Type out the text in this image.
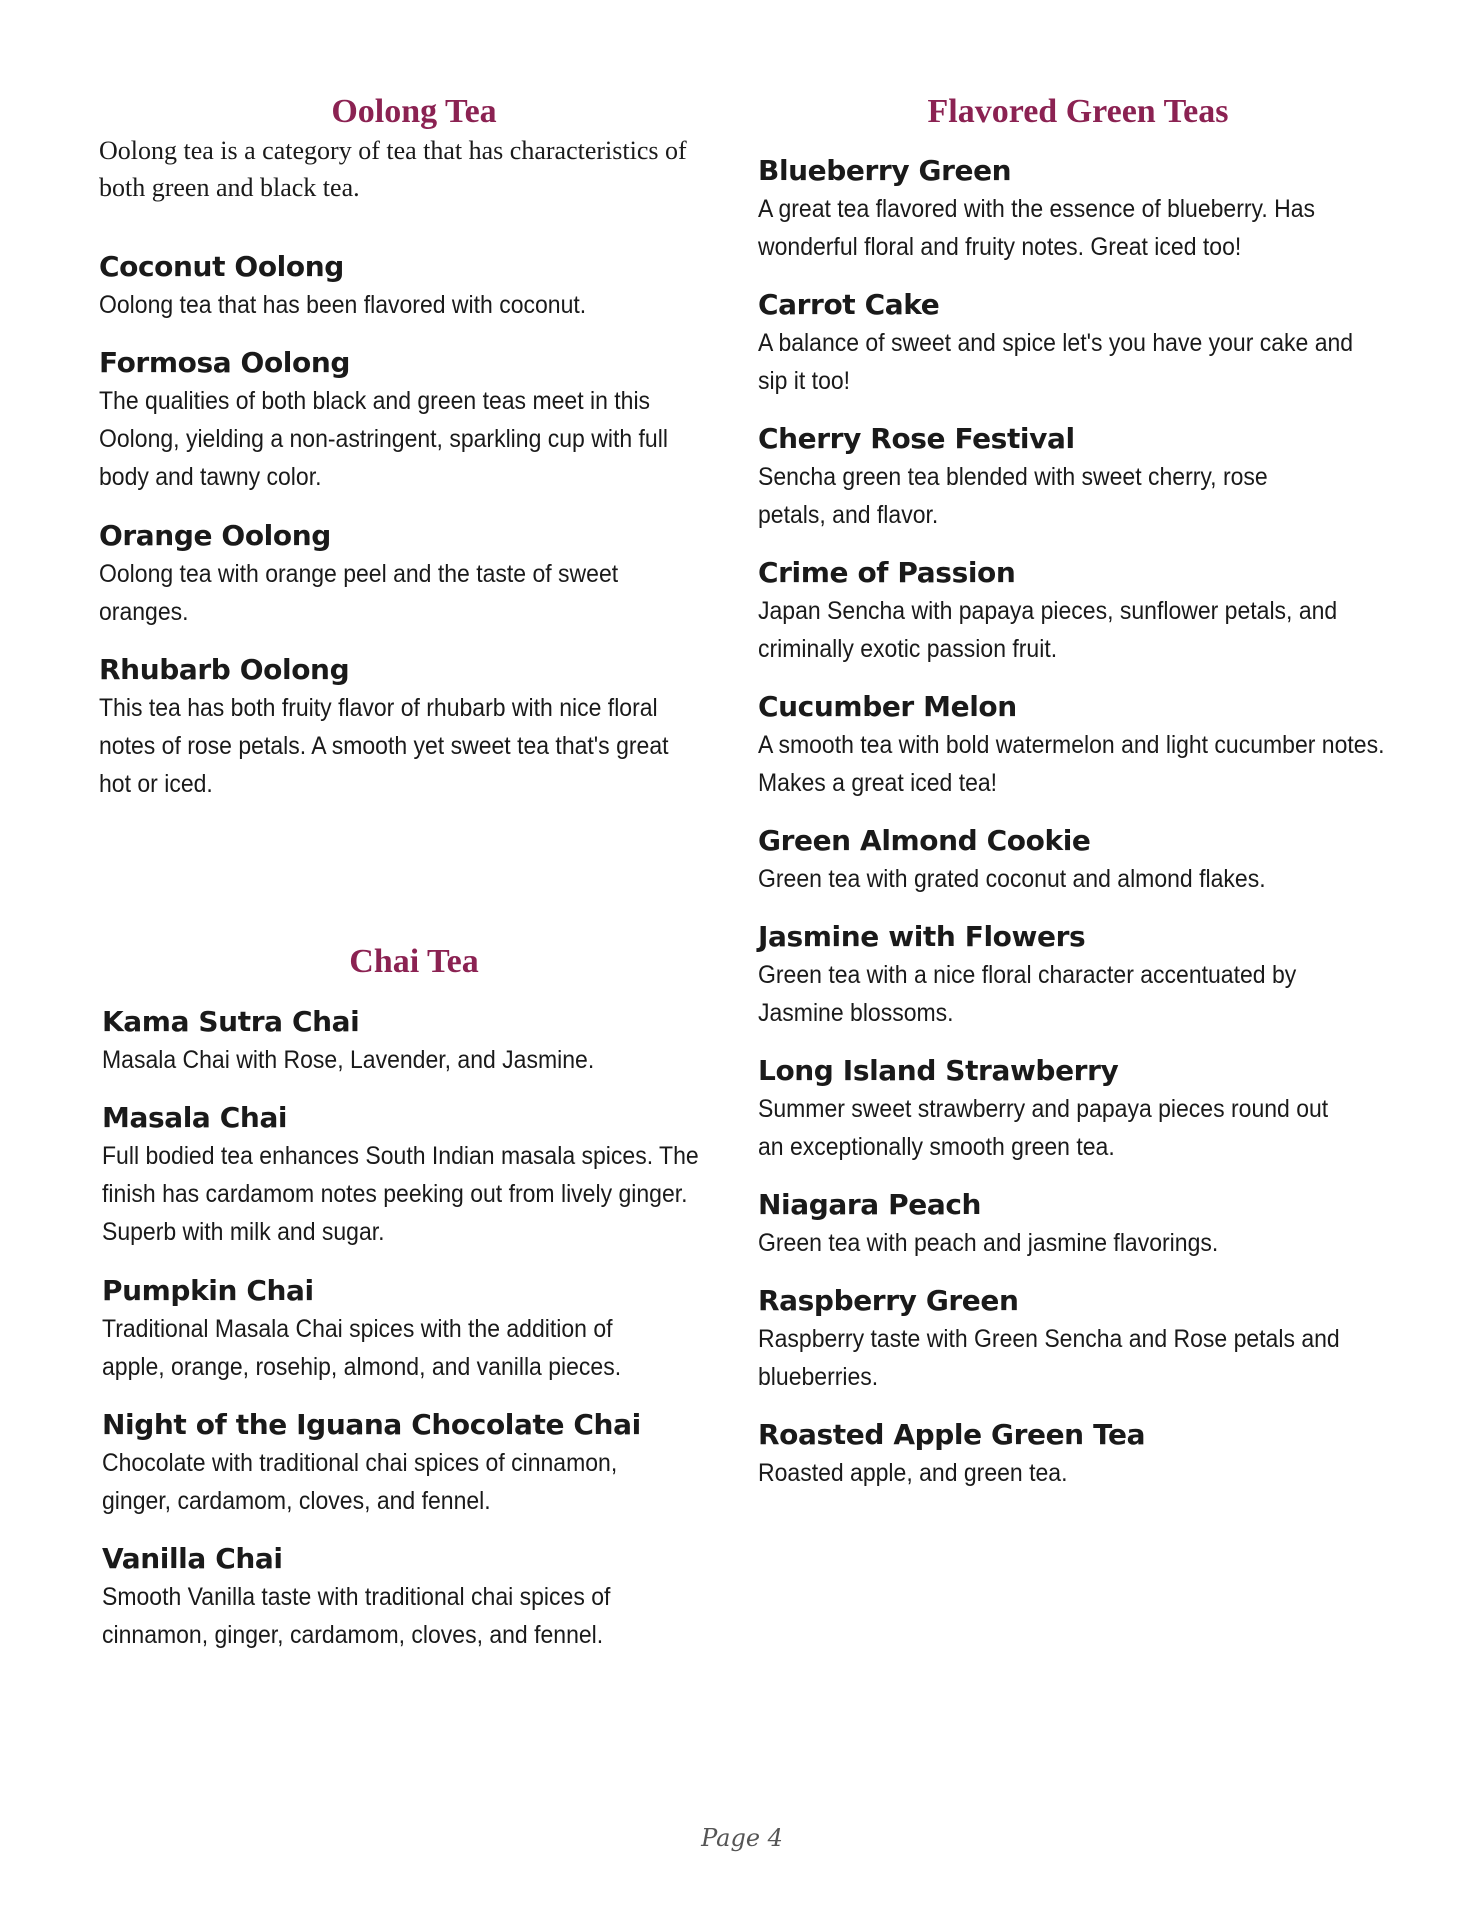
Oolong Tea

Oolong tea is a category of tea that has characteristics of both green and black tea.

Coconut Oolong

Oolong tea that has been flavored with coconut.

Formosa Oolong

The qualities of both black and green teas meet in this Oolong, yielding a non-astringent, sparkling cup with full body and tawny color.

Orange Oolong

Oolong tea with orange peel and the taste of sweet oranges.

Rhubarb Oolong

This tea has both fruity flavor of rhubarb with nice floral notes of rose petals. A smooth yet sweet tea that's great hot or iced.

Chai Tea

Kama Sutra Chai

Masala Chai with Rose, Lavender, and Jasmine.

Masala Chai

Full bodied tea enhances South Indian masala spices. The finish has cardamom notes peeking out from lively ginger. Superb with milk and sugar.

Pumpkin Chai

Traditional Masala Chai spices with the addition of apple, orange, rosehip, almond, and vanilla pieces.

Night of the Iguana Chocolate Chai

Chocolate with traditional chai spices of cinnamon, ginger, cardamom, cloves, and fennel.

Vanilla Chai

Smooth Vanilla taste with traditional chai spices of cinnamon, ginger, cardamom, cloves, and fennel.

Flavored Green Teas

Blueberry Green

A great tea flavored with the essence of blueberry. Has wonderful floral and fruity notes. Great iced too!

Carrot Cake

A balance of sweet and spice let's you have your cake and sip it too!

Cherry Rose Festival

Sencha green tea blended with sweet cherry, rose petals, and flavor.

Crime of Passion

Japan Sencha with papaya pieces, sunflower petals, and criminally exotic passion fruit.

Cucumber Melon

A smooth tea with bold watermelon and light cucumber notes. Makes a great iced tea!

Green Almond Cookie

Green tea with grated coconut and almond flakes.

Jasmine with Flowers

Green tea with a nice floral character accentuated by Jasmine blossoms.

Long Island Strawberry

Summer sweet strawberry and papaya pieces round out an exceptionally smooth green tea.

Niagara Peach

Green tea with peach and jasmine flavorings.

Raspberry Green

Raspberry taste with Green Sencha and Rose petals and blueberries.

Roasted Apple Green Tea

Roasted apple, and green tea.

Page 4
